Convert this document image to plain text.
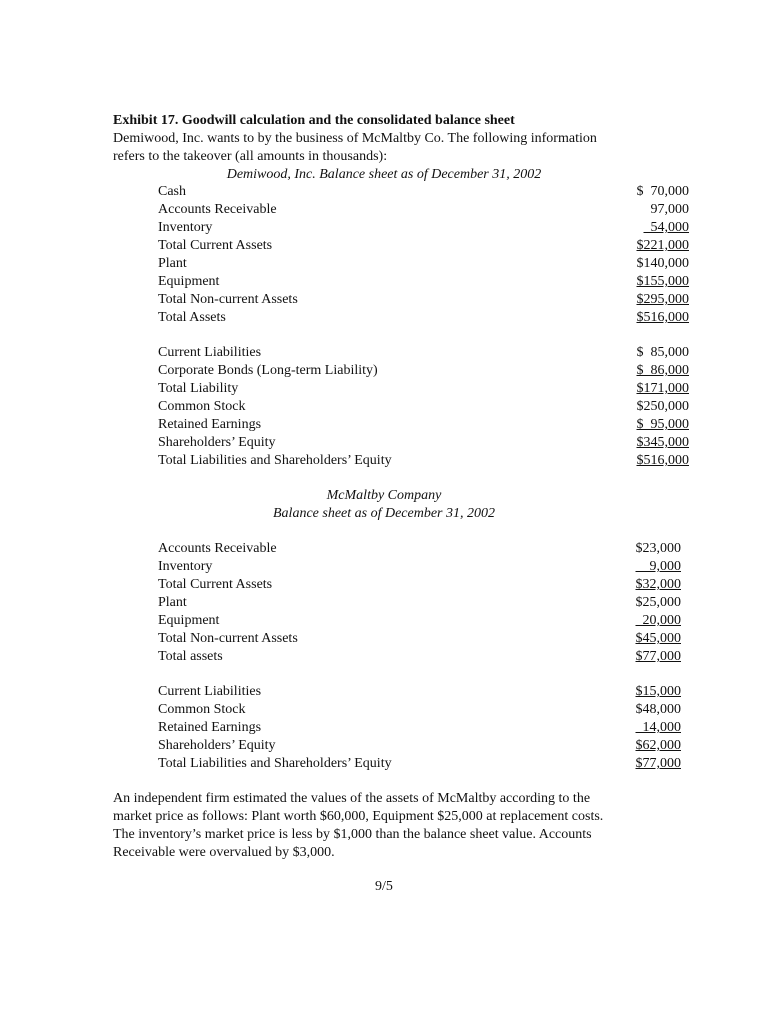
Exhibit 17. Goodwill calculation and the consolidated balance sheet
Demiwood, Inc. wants to by the business of McMaltby Co. The following information
refers to the takeover (all amounts in thousands):
Demiwood, Inc. Balance sheet as of December 31, 2002
Cash	$  70,000
Accounts Receivable	97,000
Inventory	54,000
Total Current Assets	$221,000
Plant	$140,000
Equipment	$155,000
Total Non-current Assets	$295,000
Total Assets	$516,000
Current Liabilities	$  85,000
Corporate Bonds (Long-term Liability)	$  86,000
Total Liability	$171,000
Common Stock	$250,000
Retained Earnings	$  95,000
Shareholders’ Equity	$345,000
Total Liabilities and Shareholders’ Equity	$516,000
McMaltby Company
Balance sheet as of December 31, 2002
Accounts Receivable	$23,000
Inventory	9,000
Total Current Assets	$32,000
Plant	$25,000
Equipment	20,000
Total Non-current Assets	$45,000
Total assets	$77,000
Current Liabilities	$15,000
Common Stock	$48,000
Retained Earnings	14,000
Shareholders’ Equity	$62,000
Total Liabilities and Shareholders’ Equity	$77,000
An independent firm estimated the values of the assets of McMaltby according to the
market price as follows: Plant worth $60,000, Equipment $25,000 at replacement costs.
The inventory’s market price is less by $1,000 than the balance sheet value. Accounts
Receivable were overvalued by $3,000.
9/5
